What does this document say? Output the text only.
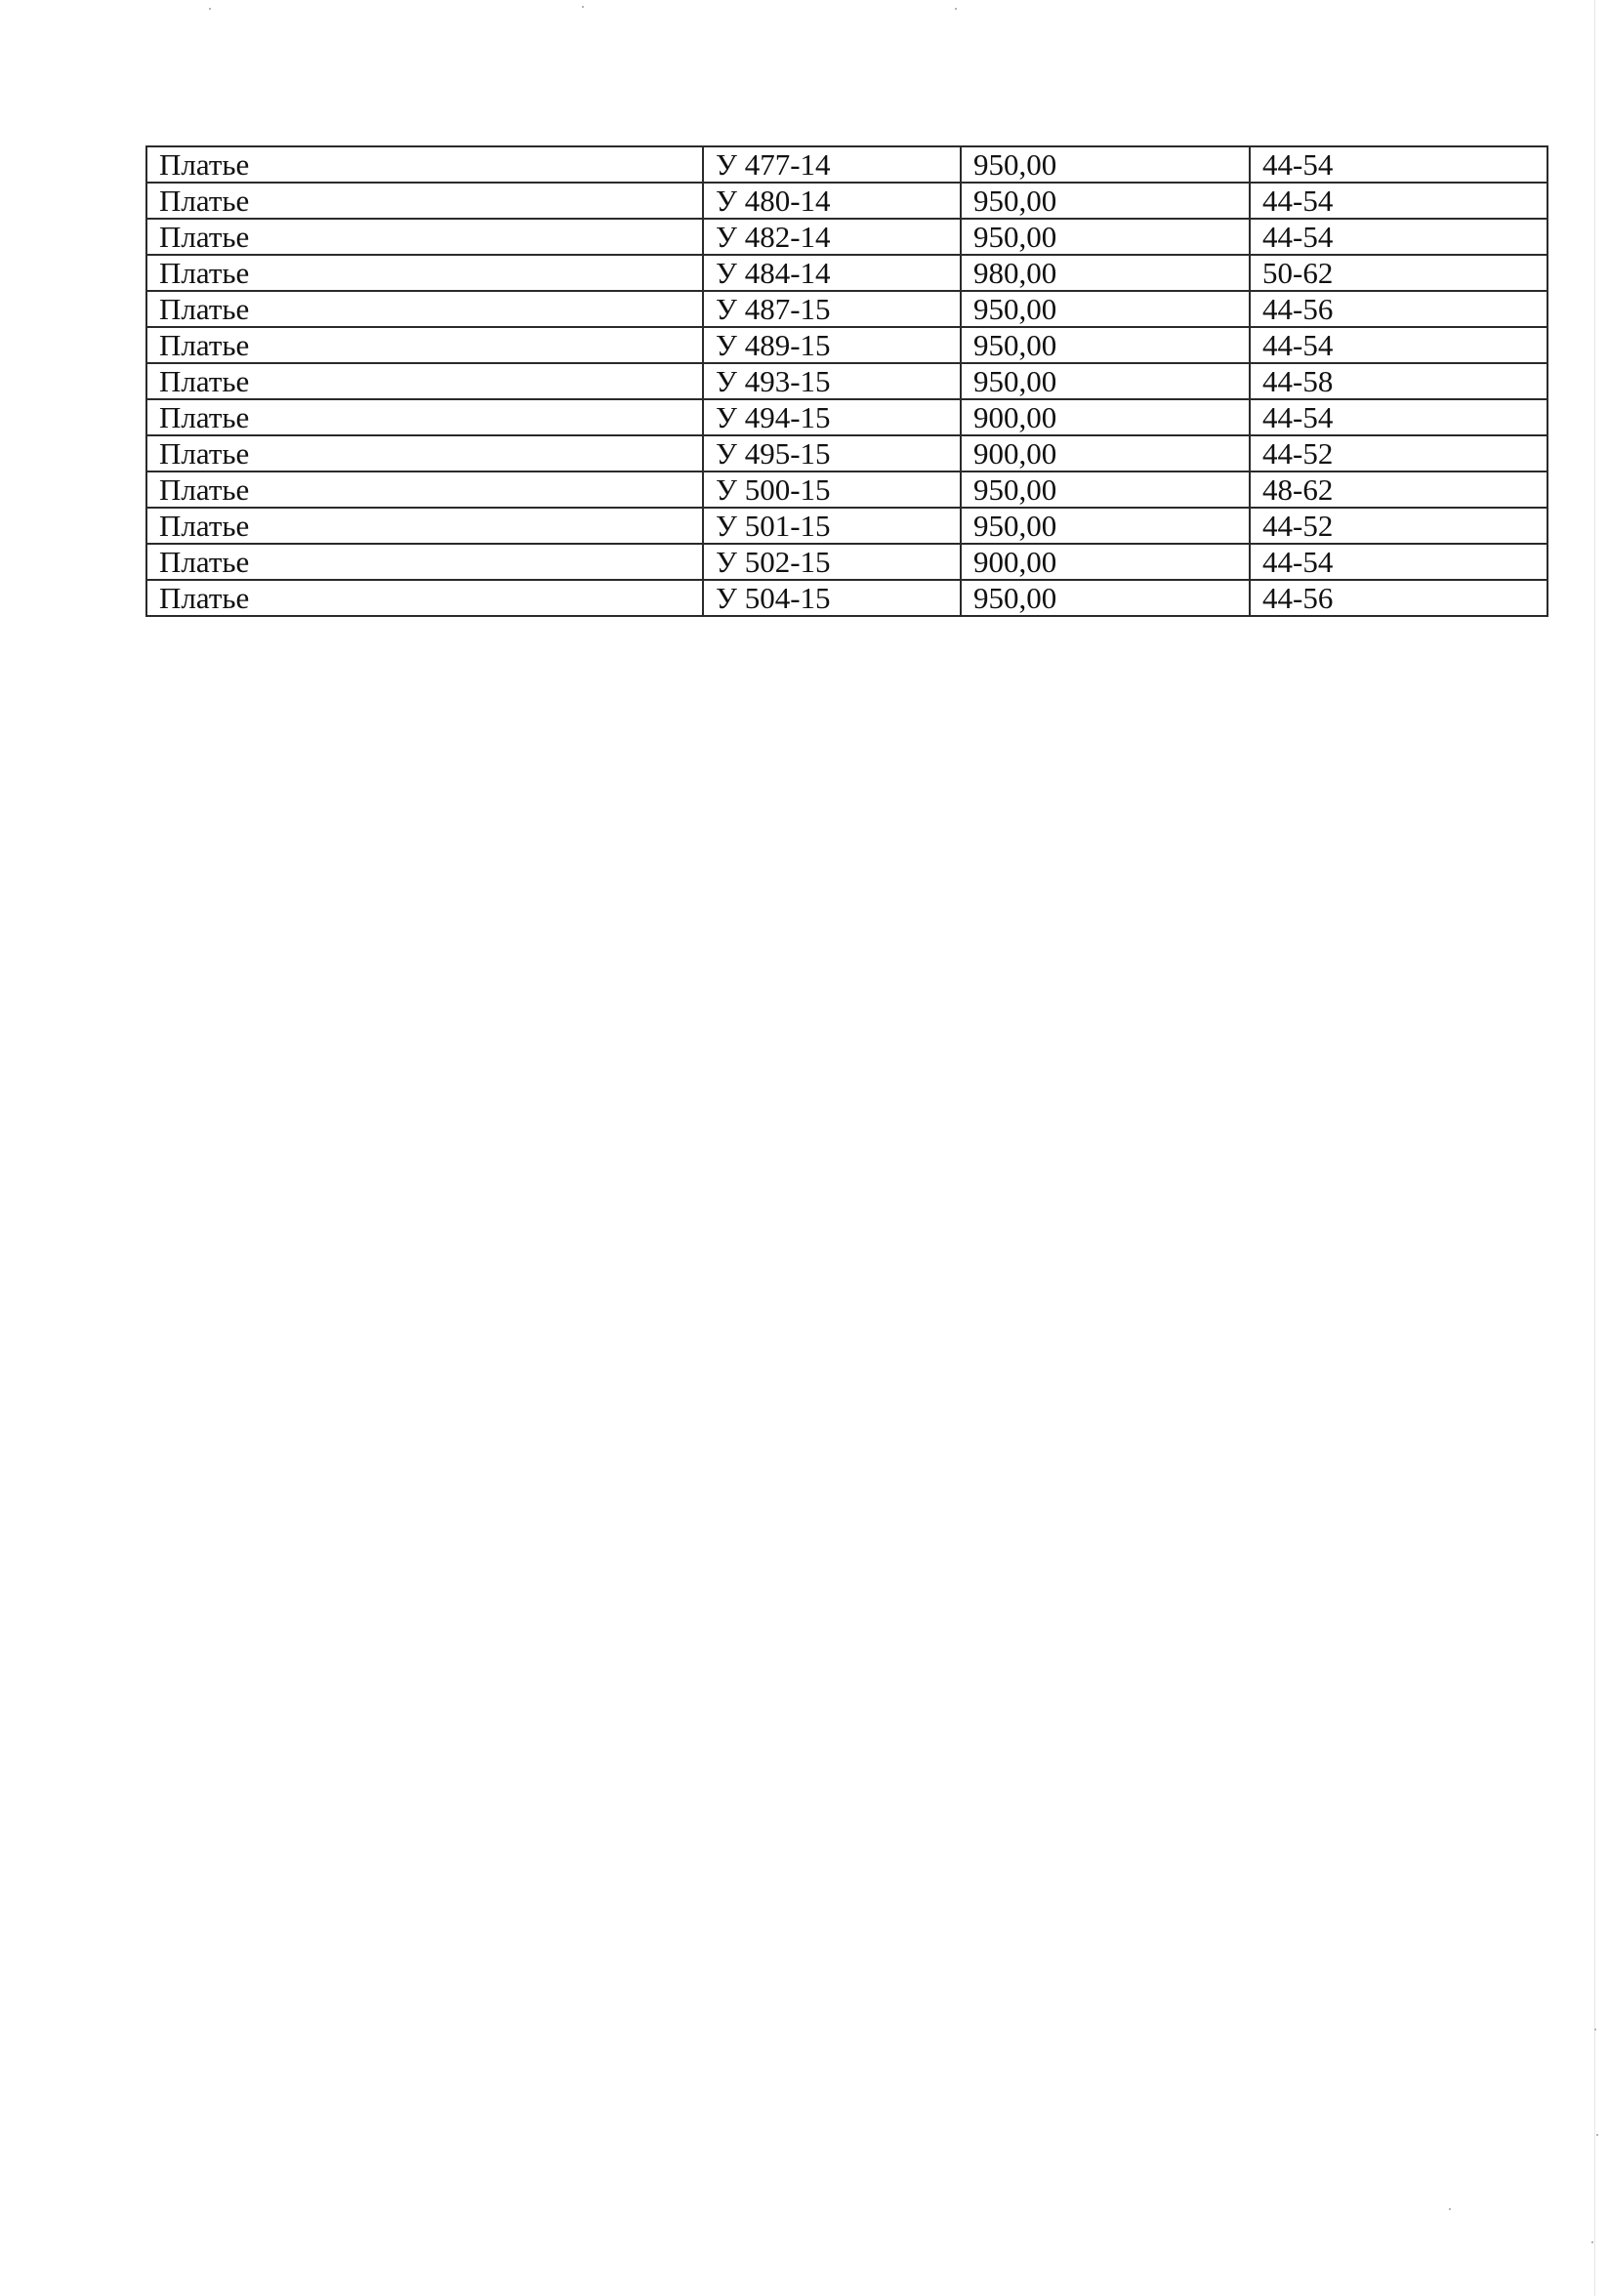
Платье	У 477-14	950,00	44-54
Платье	У 480-14	950,00	44-54
Платье	У 482-14	950,00	44-54
Платье	У 484-14	980,00	50-62
Платье	У 487-15	950,00	44-56
Платье	У 489-15	950,00	44-54
Платье	У 493-15	950,00	44-58
Платье	У 494-15	900,00	44-54
Платье	У 495-15	900,00	44-52
Платье	У 500-15	950,00	48-62
Платье	У 501-15	950,00	44-52
Платье	У 502-15	900,00	44-54
Платье	У 504-15	950,00	44-56
